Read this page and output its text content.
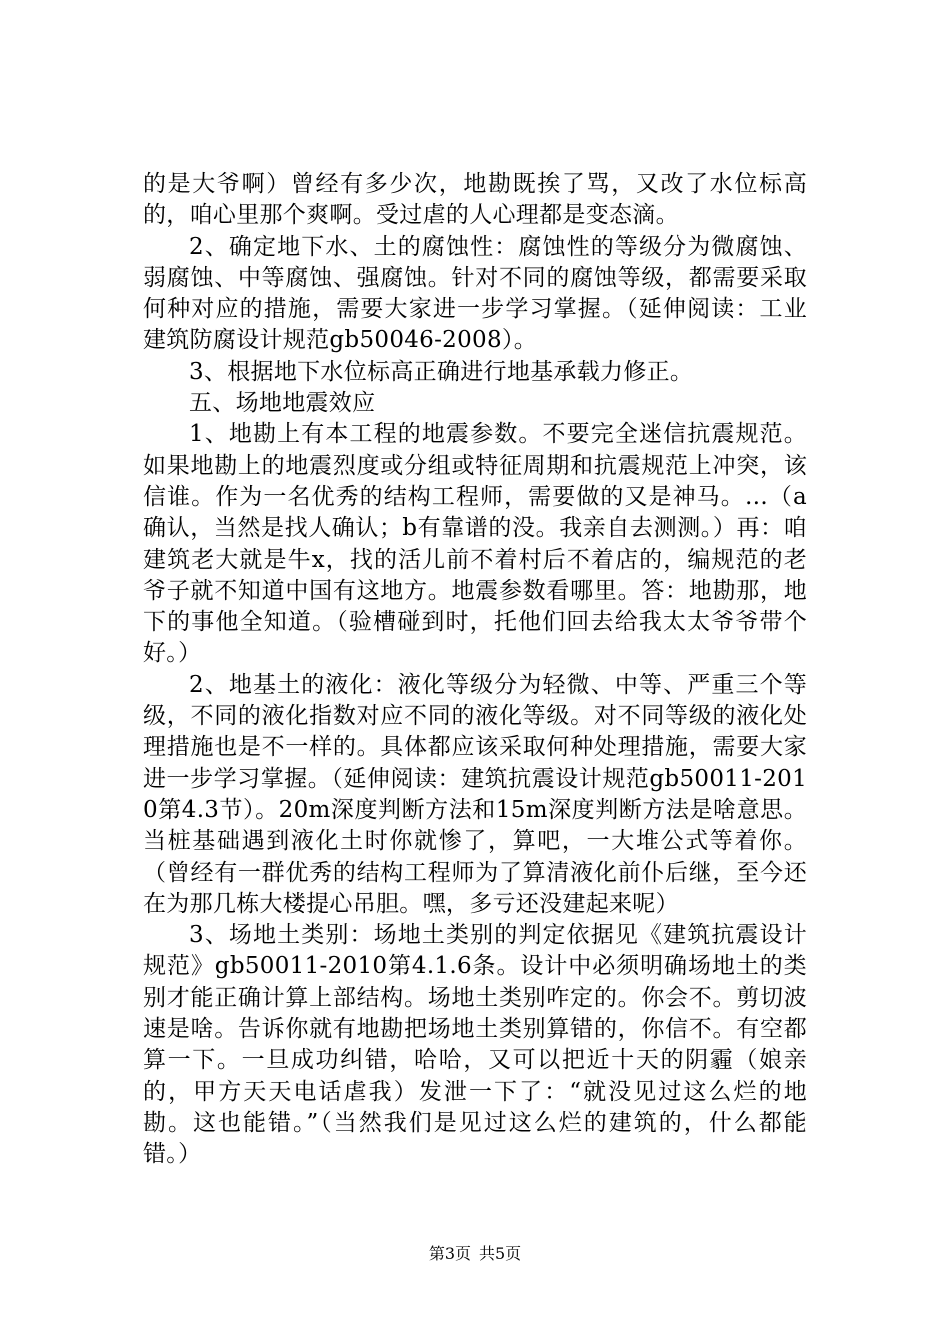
的是大爷啊）曾经有多少次，地勘既挨了骂，又改了水位标高的，咱心里那个爽啊。受过虐的人心理都是变态滴。

2、确定地下水、土的腐蚀性：腐蚀性的等级分为微腐蚀、弱腐蚀、中等腐蚀、强腐蚀。针对不同的腐蚀等级，都需要采取何种对应的措施，需要大家进一步学习掌握。（延伸阅读：工业建筑防腐设计规范gb50046-2008）。

3、根据地下水位标高正确进行地基承载力修正。

五、场地地震效应

1、地勘上有本工程的地震参数。不要完全迷信抗震规范。如果地勘上的地震烈度或分组或特征周期和抗震规范上冲突，该信谁。作为一名优秀的结构工程师，需要做的又是神马。…（a确认，当然是找人确认；b有靠谱的没。我亲自去测测。）再：咱建筑老大就是牛x，找的活儿前不着村后不着店的，编规范的老爷子就不知道中国有这地方。地震参数看哪里。答：地勘那，地下的事他全知道。（验槽碰到时，托他们回去给我太太爷爷带个好。）

2、地基土的液化：液化等级分为轻微、中等、严重三个等级，不同的液化指数对应不同的液化等级。对不同等级的液化处理措施也是不一样的。具体都应该采取何种处理措施，需要大家进一步学习掌握。（延伸阅读：建筑抗震设计规范gb50011-2010第4.3节）。20m深度判断方法和15m深度判断方法是啥意思。当桩基础遇到液化土时你就惨了，算吧，一大堆公式等着你。（曾经有一群优秀的结构工程师为了算清液化前仆后继，至今还在为那几栋大楼提心吊胆。嘿，多亏还没建起来呢）

3、场地土类别：场地土类别的判定依据见《建筑抗震设计规范》gb50011-2010第4.1.6条。设计中必须明确场地土的类别才能正确计算上部结构。场地土类别咋定的。你会不。剪切波速是啥。告诉你就有地勘把场地土类别算错的，你信不。有空都算一下。一旦成功纠错，哈哈，又可以把近十天的阴霾（娘亲的，甲方天天电话虐我）发泄一下了：“就没见过这么烂的地勘。这也能错。”（当然我们是见过这么烂的建筑的，什么都能错。）

第3页 共5页
